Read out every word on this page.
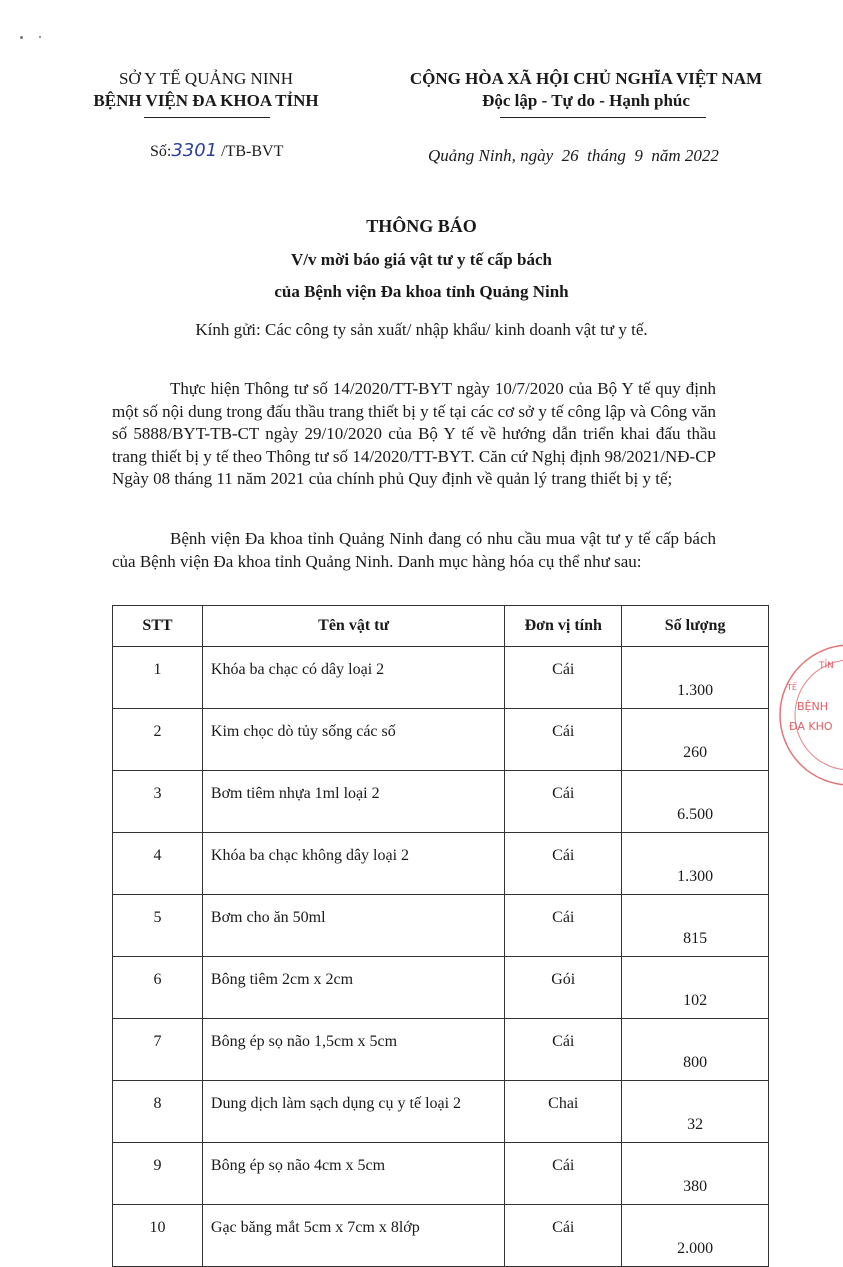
SỞ Y TẾ QUẢNG NINH
BỆNH VIỆN ĐA KHOA TỈNH
CỘNG HÒA XÃ HỘI CHỦ NGHĨA VIỆT NAM
Độc lập - Tự do - Hạnh phúc
Số:3301 /TB-BVT	Quảng Ninh, ngày  26  tháng  9  năm 2022
THÔNG BÁO
V/v mời báo giá vật tư y tế cấp bách
của Bệnh viện Đa khoa tỉnh Quảng Ninh
Kính gửi: Các công ty sản xuất/ nhập khẩu/ kinh doanh vật tư y tế.
Thực hiện Thông tư số 14/2020/TT-BYT ngày 10/7/2020 của Bộ Y tế quy định một số nội dung trong đấu thầu trang thiết bị y tế tại các cơ sở y tế công lập và Công văn số 5888/BYT-TB-CT ngày 29/10/2020 của Bộ Y tế về hướng dẫn triển khai đấu thầu trang thiết bị y tế theo Thông tư số 14/2020/TT-BYT. Căn cứ Nghị định 98/2021/NĐ-CP Ngày 08 tháng 11 năm 2021 của chính phủ Quy định về quản lý trang thiết bị y tế;
Bệnh viện Đa khoa tỉnh Quảng Ninh đang có nhu cầu mua vật tư y tế cấp bách của Bệnh viện Đa khoa tỉnh Quảng Ninh. Danh mục hàng hóa cụ thể như sau:
STT	Tên vật tư	Đơn vị tính	Số lượng
1	Khóa ba chạc có dây loại 2	Cái	1.300
2	Kim chọc dò tủy sống các số	Cái	260
3	Bơm tiêm nhựa 1ml loại 2	Cái	6.500
4	Khóa ba chạc không dây loại 2	Cái	1.300
5	Bơm cho ăn 50ml	Cái	815
6	Bông tiêm 2cm x 2cm	Gói	102
7	Bông ép sọ não 1,5cm x 5cm	Cái	800
8	Dung dịch làm sạch dụng cụ y tế loại 2	Chai	32
9	Bông ép sọ não 4cm x 5cm	Cái	380
10	Gạc băng mắt 5cm x 7cm x 8lớp	Cái	2.000
TỈN
TẾ
BỆNH
ĐA KHO
